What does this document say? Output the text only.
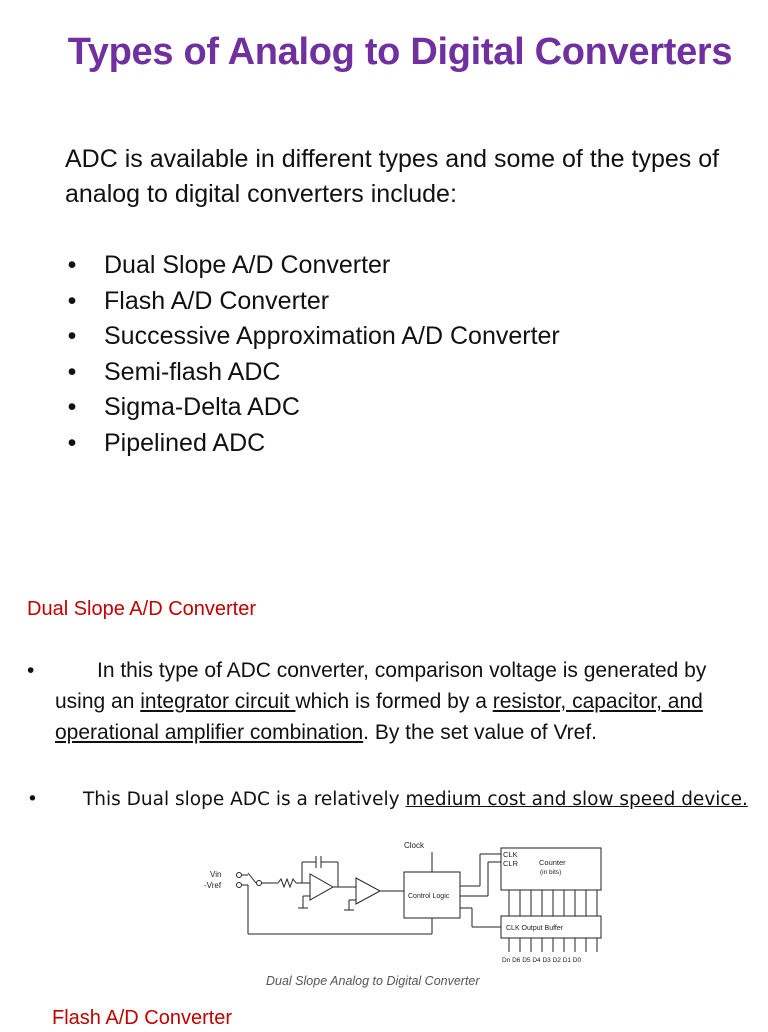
Types of Analog to Digital Converters
ADC is available in different types and some of the types of analog to digital converters include:
• Dual Slope A/D Converter
• Flash A/D Converter
• Successive Approximation A/D Converter
• Semi-flash ADC
• Sigma-Delta ADC
• Pipelined ADC
Dual Slope A/D Converter
•	In this type of ADC converter, comparison voltage is generated by using an integrator circuit which is formed by a resistor, capacitor, and operational amplifier combination. By the set value of Vref.
•	This Dual slope ADC is a relatively medium cost and slow speed device.
Clock
Vin
-Vref
CLK
CLR	Counter
(in bits)
Control Logic
CLK Output Buffer
Dn D6 D5 D4 D3 D2 D1 D0
Dual Slope Analog to Digital Converter
Flash A/D Converter
